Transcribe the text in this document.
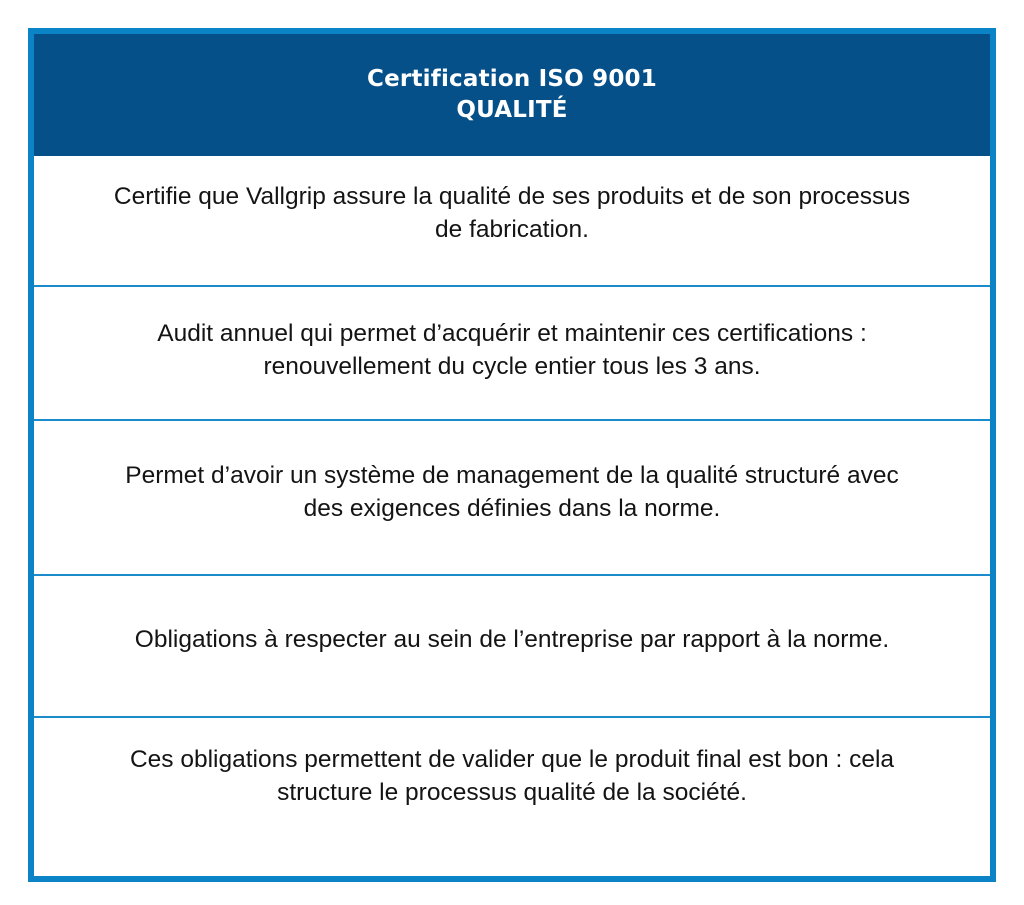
Certification ISO 9001
QUALITÉ

Certifie que Vallgrip assure la qualité de ses produits et de son processus
de fabrication.

Audit annuel qui permet d’acquérir et maintenir ces certifications :
renouvellement du cycle entier tous les 3 ans.

Permet d’avoir un système de management de la qualité structuré avec
des exigences définies dans la norme.

Obligations à respecter au sein de l’entreprise par rapport à la norme.

Ces obligations permettent de valider que le produit final est bon : cela
structure le processus qualité de la société.
